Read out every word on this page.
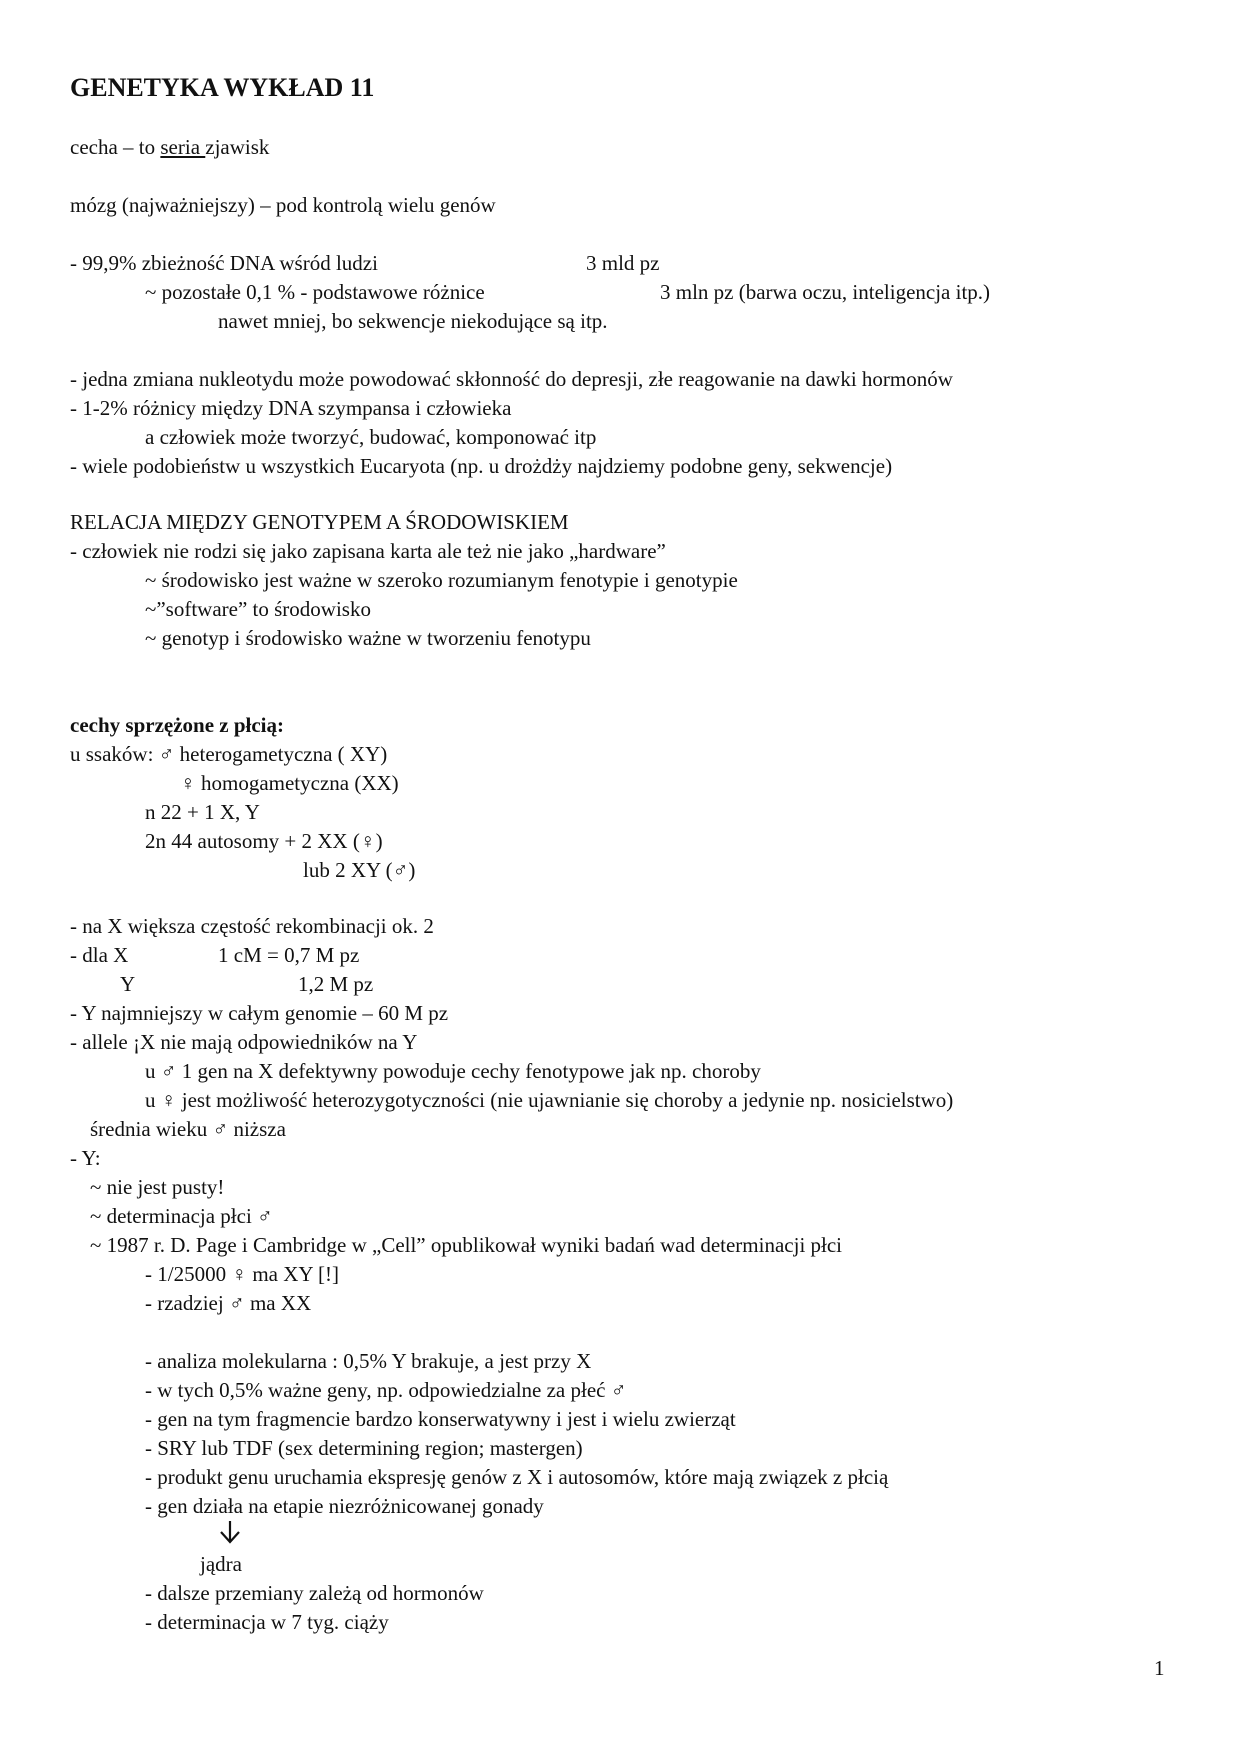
GENETYKA WYKŁAD 11
cecha – to seria zjawisk
mózg (najważniejszy) – pod kontrolą wielu genów
- 99,9% zbieżność DNA wśród ludzi	3 mld pz
~ pozostałe 0,1 % - podstawowe różnice	3 mln pz (barwa oczu, inteligencja itp.)
nawet mniej, bo sekwencje niekodujące są itp.
- jedna zmiana nukleotydu może powodować skłonność do depresji, złe reagowanie na dawki hormonów
- 1-2% różnicy między DNA szympansa i człowieka
a człowiek może tworzyć, budować, komponować itp
- wiele podobieństw u wszystkich Eucaryota (np. u drożdży najdziemy podobne geny, sekwencje)
RELACJA MIĘDZY GENOTYPEM A ŚRODOWISKIEM
- człowiek nie rodzi się jako zapisana karta ale też nie jako „hardware”
~ środowisko jest ważne w szeroko rozumianym fenotypie i genotypie
~”software” to środowisko
~ genotyp i środowisko ważne w tworzeniu fenotypu
cechy sprzężone z płcią:
u ssaków: ♂ heterogametyczna ( XY)
♀ homogametyczna (XX)
n 22 + 1 X, Y
2n 44 autosomy + 2 XX (♀)
lub 2 XY (♂)
- na X większa częstość rekombinacji ok. 2
- dla X	1 cM = 0,7 M pz
Y	1,2 M pz
- Y najmniejszy w całym genomie – 60 M pz
- allele ¡X nie mają odpowiedników na Y
u ♂ 1 gen na X defektywny powoduje cechy fenotypowe jak np. choroby
u ♀ jest możliwość heterozygotyczności (nie ujawnianie się choroby a jedynie np. nosicielstwo)
średnia wieku ♂ niższa
- Y:
~ nie jest pusty!
~ determinacja płci ♂
~ 1987 r. D. Page i Cambridge w „Cell” opublikował wyniki badań wad determinacji płci
- 1/25000 ♀ ma XY [!]
- rzadziej ♂ ma XX
- analiza molekularna : 0,5% Y brakuje, a jest przy X
- w tych 0,5% ważne geny, np. odpowiedzialne za płeć ♂
- gen na tym fragmencie bardzo konserwatywny i jest i wielu zwierząt
- SRY lub TDF (sex determining region; mastergen)
- produkt genu uruchamia ekspresję genów z X i autosomów, które mają związek z płcią
- gen działa na etapie niezróżnicowanej gonady
jądra
- dalsze przemiany zależą od hormonów
- determinacja w 7 tyg. ciąży
1
